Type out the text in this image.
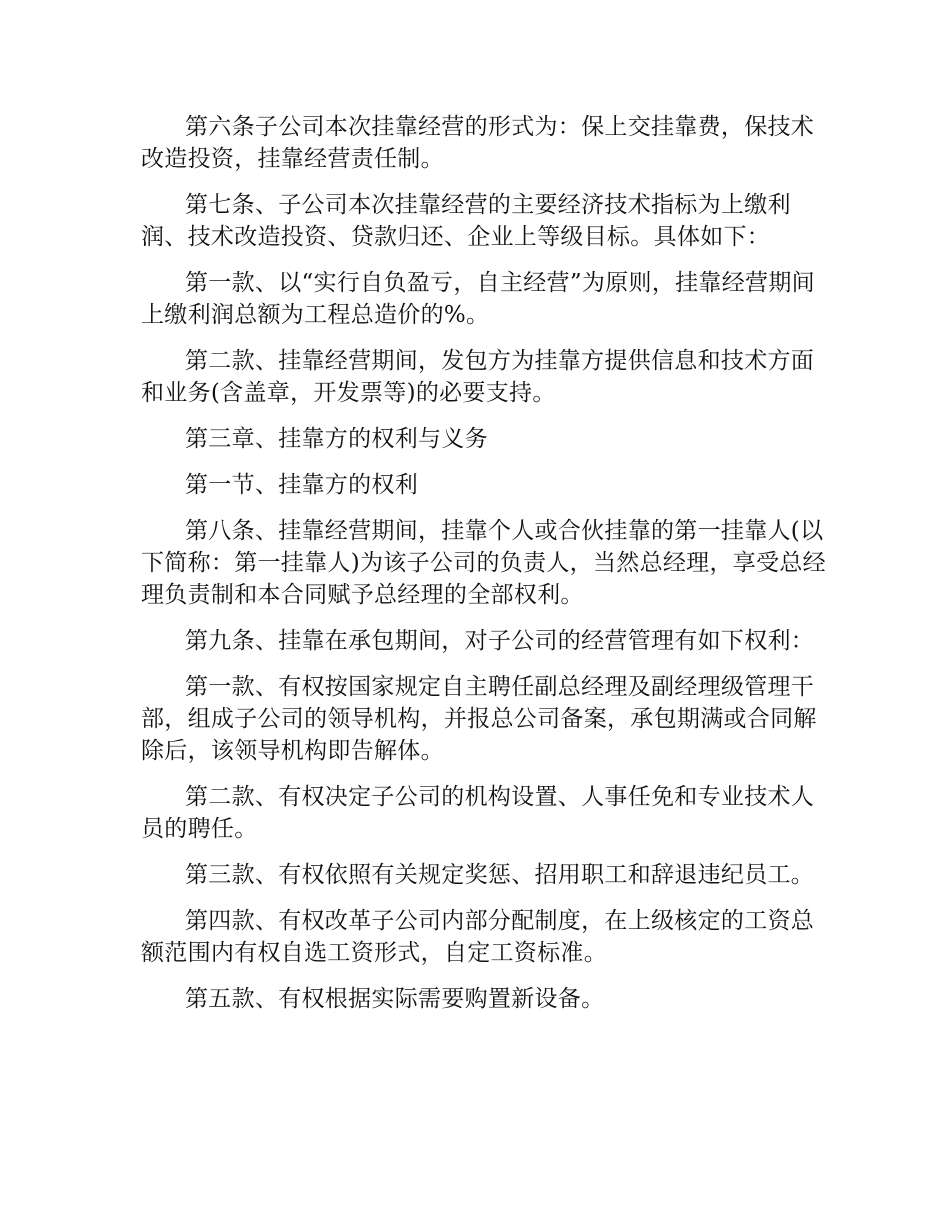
第六条子公司本次挂靠经营的形式为：保上交挂靠费，保技术改造投资，挂靠经营责任制。

第七条、子公司本次挂靠经营的主要经济技术指标为上缴利润、技术改造投资、贷款归还、企业上等级目标。具体如下：

第一款、以“实行自负盈亏，自主经营”为原则，挂靠经营期间上缴利润总额为工程总造价的%。

第二款、挂靠经营期间，发包方为挂靠方提供信息和技术方面和业务(含盖章，开发票等)的必要支持。

第三章、挂靠方的权利与义务

第一节、挂靠方的权利

第八条、挂靠经营期间，挂靠个人或合伙挂靠的第一挂靠人(以下简称：第一挂靠人)为该子公司的负责人，当然总经理，享受总经理负责制和本合同赋予总经理的全部权利。

第九条、挂靠在承包期间，对子公司的经营管理有如下权利：

第一款、有权按国家规定自主聘任副总经理及副经理级管理干部，组成子公司的领导机构，并报总公司备案，承包期满或合同解除后，该领导机构即告解体。

第二款、有权决定子公司的机构设置、人事任免和专业技术人员的聘任。

第三款、有权依照有关规定奖惩、招用职工和辞退违纪员工。

第四款、有权改革子公司内部分配制度，在上级核定的工资总额范围内有权自选工资形式，自定工资标准。

第五款、有权根据实际需要购置新设备。
